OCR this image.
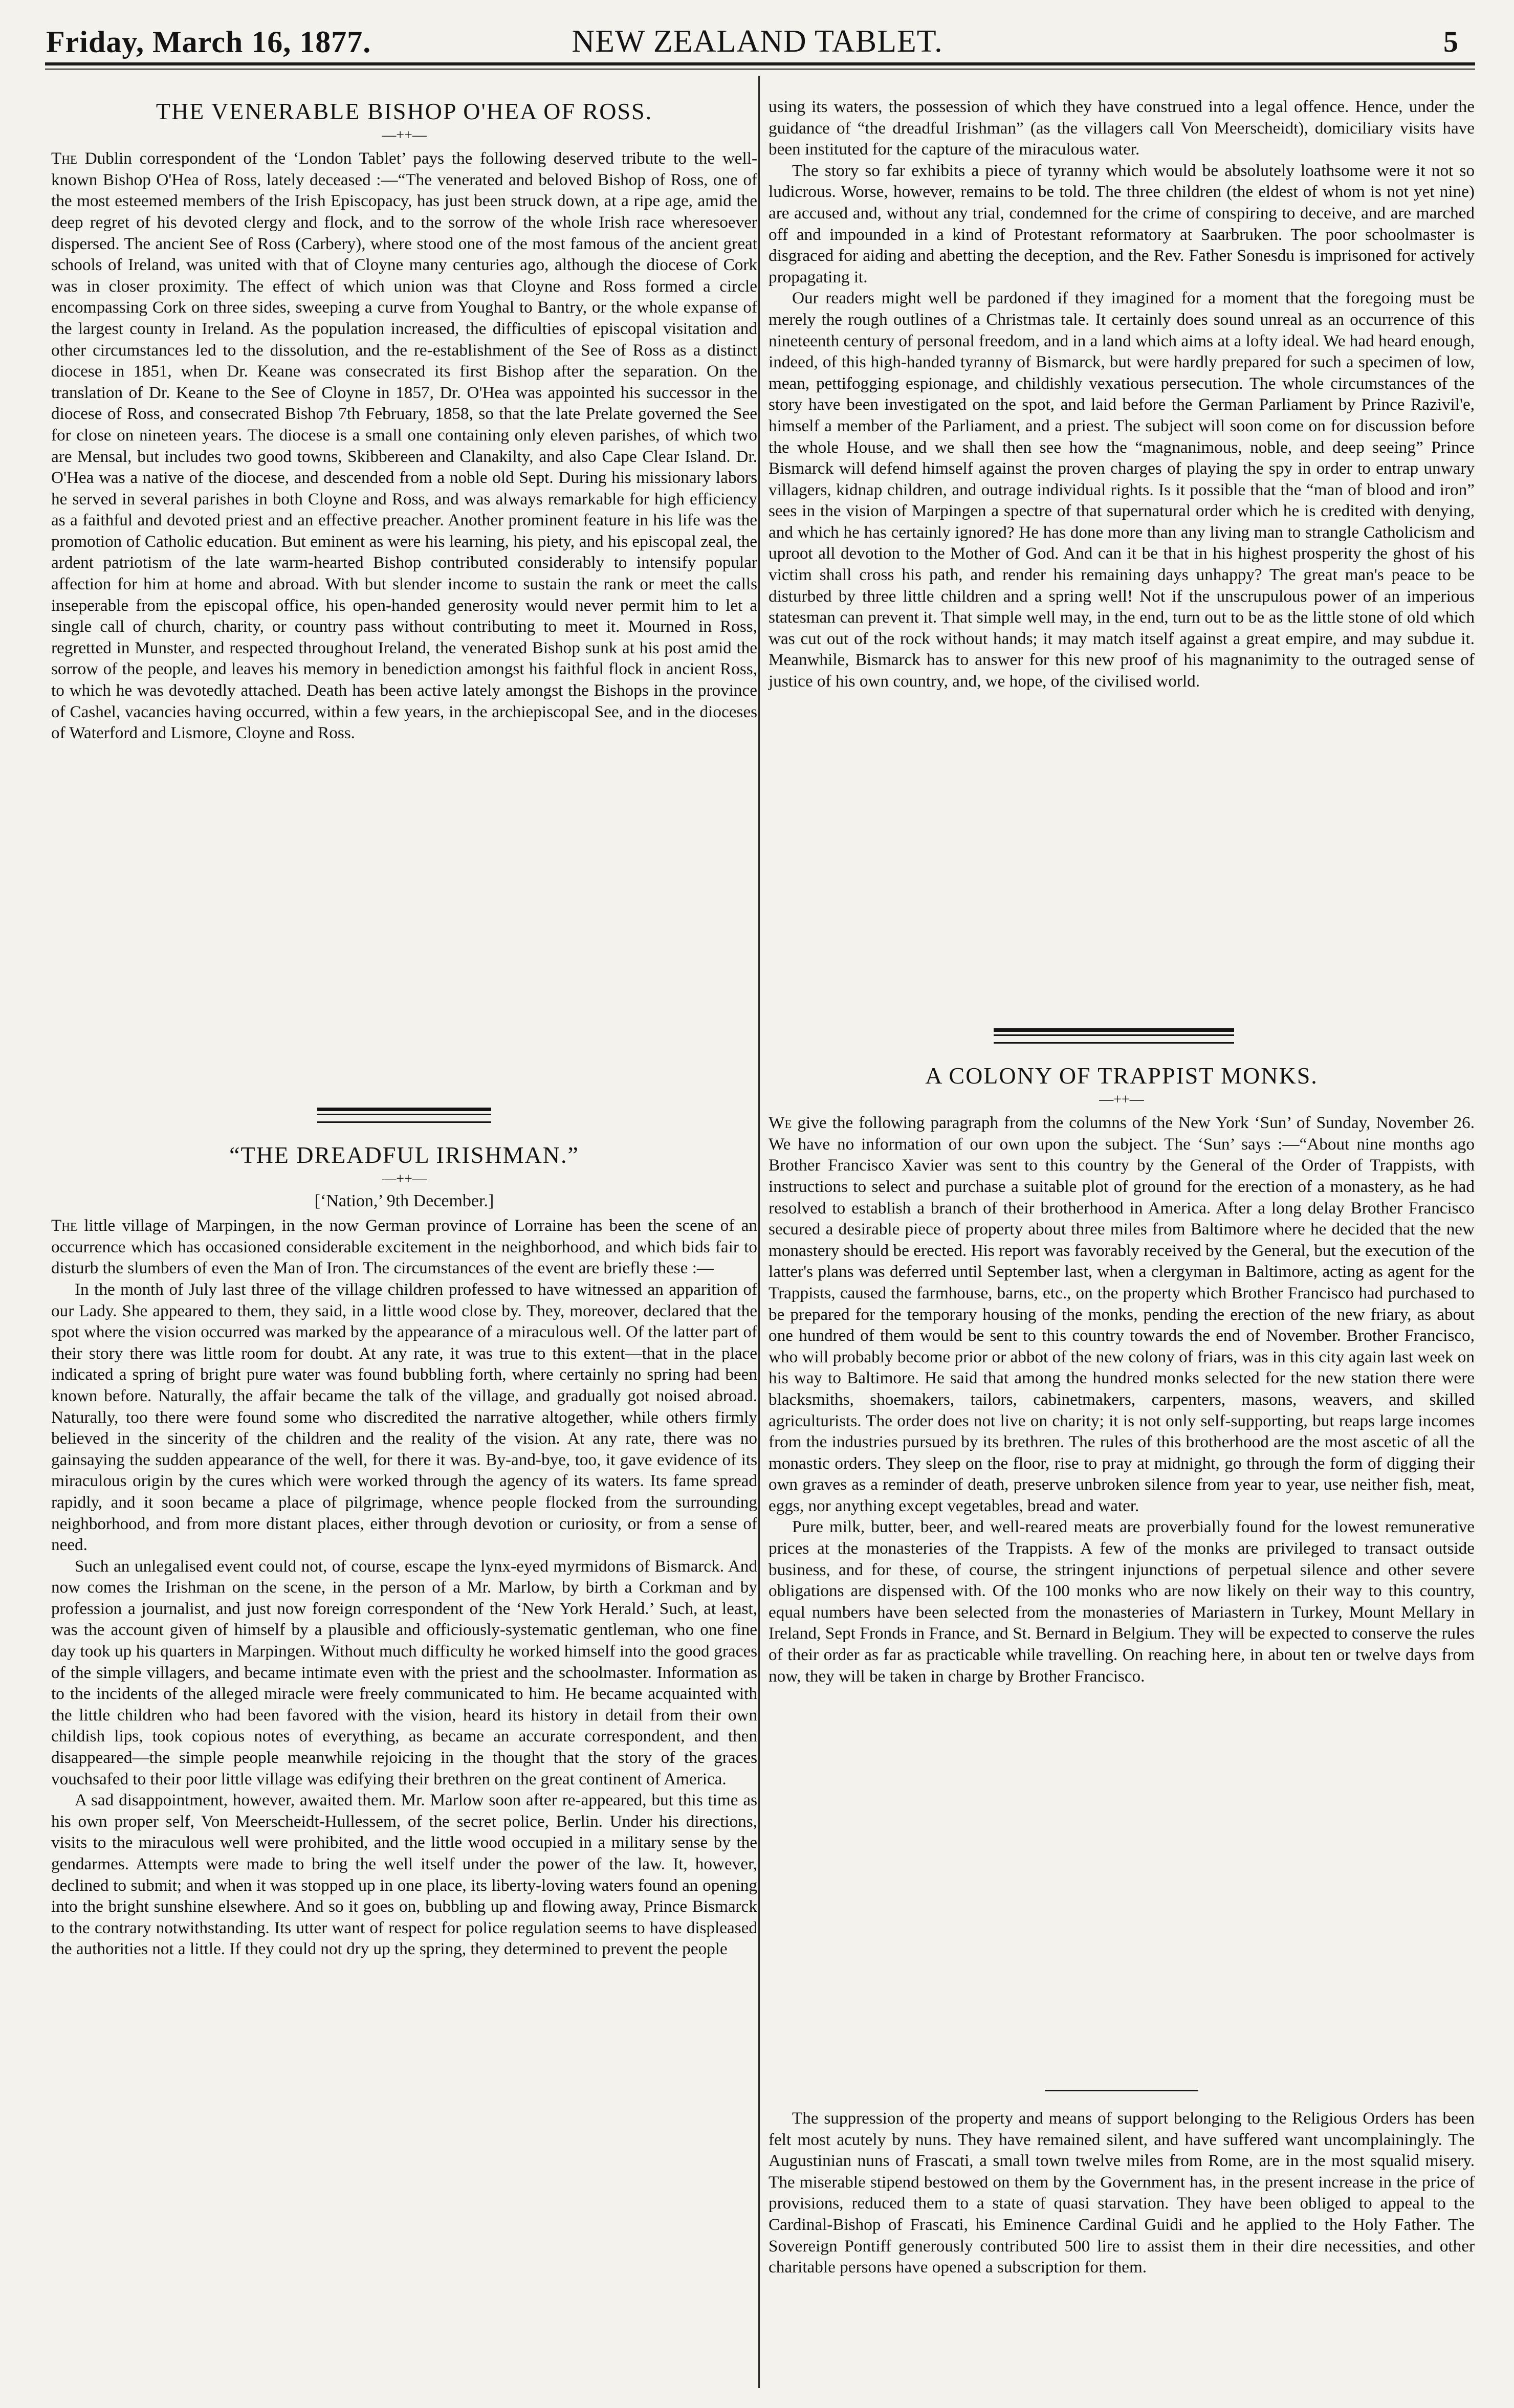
Friday, March 16, 1877.	NEW ZEALAND TABLET.	5
THE VENERABLE BISHOP O'HEA OF ROSS.
—++—

The Dublin correspondent of the ‘London Tablet’ pays the following deserved tribute to the well-known Bishop O'Hea of Ross, lately deceased :—“The venerated and beloved Bishop of Ross, one of the most esteemed members of the Irish Episcopacy, has just been struck down, at a ripe age, amid the deep regret of his devoted clergy and flock, and to the sorrow of the whole Irish race wheresoever dispersed. The ancient See of Ross (Carbery), where stood one of the most famous of the ancient great schools of Ireland, was united with that of Cloyne many centuries ago, although the diocese of Cork was in closer proximity. The effect of which union was that Cloyne and Ross formed a circle encompassing Cork on three sides, sweeping a curve from Youghal to Bantry, or the whole expanse of the largest county in Ireland. As the population increased, the difficulties of episcopal visitation and other circumstances led to the dissolution, and the re-establishment of the See of Ross as a distinct diocese in 1851, when Dr. Keane was consecrated its first Bishop after the separation. On the translation of Dr. Keane to the See of Cloyne in 1857, Dr. O'Hea was appointed his successor in the diocese of Ross, and consecrated Bishop 7th February, 1858, so that the late Prelate governed the See for close on nineteen years. The diocese is a small one containing only eleven parishes, of which two are Mensal, but includes two good towns, Skibbereen and Clanakilty, and also Cape Clear Island. Dr. O'Hea was a native of the diocese, and descended from a noble old Sept. During his missionary labors he served in several parishes in both Cloyne and Ross, and was always remarkable for high efficiency as a faithful and devoted priest and an effective preacher. Another prominent feature in his life was the promotion of Catholic education. But eminent as were his learning, his piety, and his episcopal zeal, the ardent patriotism of the late warm-hearted Bishop contributed considerably to intensify popular affection for him at home and abroad. With but slender income to sustain the rank or meet the calls inseperable from the episcopal office, his open-handed generosity would never permit him to let a single call of church, charity, or country pass without contributing to meet it. Mourned in Ross, regretted in Munster, and respected throughout Ireland, the venerated Bishop sunk at his post amid the sorrow of the people, and leaves his memory in benediction amongst his faithful flock in ancient Ross, to which he was devotedly attached. Death has been active lately amongst the Bishops in the province of Cashel, vacancies having occurred, within a few years, in the archiepiscopal See, and in the dioceses of Waterford and Lismore, Cloyne and Ross.

“THE DREADFUL IRISHMAN.”
—++—
[‘Nation,’ 9th December.]

The little village of Marpingen, in the now German province of Lorraine has been the scene of an occurrence which has occasioned considerable excitement in the neighborhood, and which bids fair to disturb the slumbers of even the Man of Iron. The circumstances of the event are briefly these :—

In the month of July last three of the village children professed to have witnessed an apparition of our Lady. She appeared to them, they said, in a little wood close by. They, moreover, declared that the spot where the vision occurred was marked by the appearance of a miraculous well. Of the latter part of their story there was little room for doubt. At any rate, it was true to this extent—that in the place indicated a spring of bright pure water was found bubbling forth, where certainly no spring had been known before. Naturally, the affair became the talk of the village, and gradually got noised abroad. Naturally, too there were found some who discredited the narrative altogether, while others firmly believed in the sincerity of the children and the reality of the vision. At any rate, there was no gainsaying the sudden appearance of the well, for there it was. By-and-bye, too, it gave evidence of its miraculous origin by the cures which were worked through the agency of its waters. Its fame spread rapidly, and it soon became a place of pilgrimage, whence people flocked from the surrounding neighborhood, and from more distant places, either through devotion or curiosity, or from a sense of need.

Such an unlegalised event could not, of course, escape the lynx-eyed myrmidons of Bismarck. And now comes the Irishman on the scene, in the person of a Mr. Marlow, by birth a Corkman and by profession a journalist, and just now foreign correspondent of the ‘New York Herald.’ Such, at least, was the account given of himself by a plausible and officiously-systematic gentleman, who one fine day took up his quarters in Marpingen. Without much difficulty he worked himself into the good graces of the simple villagers, and became intimate even with the priest and the schoolmaster. Information as to the incidents of the alleged miracle were freely communicated to him. He became acquainted with the little children who had been favored with the vision, heard its history in detail from their own childish lips, took copious notes of everything, as became an accurate correspondent, and then disappeared—the simple people meanwhile rejoicing in the thought that the story of the graces vouchsafed to their poor little village was edifying their brethren on the great continent of America.

A sad disappointment, however, awaited them. Mr. Marlow soon after re-appeared, but this time as his own proper self, Von Meerscheidt-Hullessem, of the secret police, Berlin. Under his directions, visits to the miraculous well were prohibited, and the little wood occupied in a military sense by the gendarmes. Attempts were made to bring the well itself under the power of the law. It, however, declined to submit; and when it was stopped up in one place, its liberty-loving waters found an opening into the bright sunshine elsewhere. And so it goes on, bubbling up and flowing away, Prince Bismarck to the contrary notwithstanding. Its utter want of respect for police regulation seems to have displeased the authorities not a little. If they could not dry up the spring, they determined to prevent the people

using its waters, the possession of which they have construed into a legal offence. Hence, under the guidance of “the dreadful Irishman” (as the villagers call Von Meerscheidt), domiciliary visits have been instituted for the capture of the miraculous water.

The story so far exhibits a piece of tyranny which would be absolutely loathsome were it not so ludicrous. Worse, however, remains to be told. The three children (the eldest of whom is not yet nine) are accused and, without any trial, condemned for the crime of conspiring to deceive, and are marched off and impounded in a kind of Protestant reformatory at Saarbruken. The poor schoolmaster is disgraced for aiding and abetting the deception, and the Rev. Father Sonesdu is imprisoned for actively propagating it.

Our readers might well be pardoned if they imagined for a moment that the foregoing must be merely the rough outlines of a Christmas tale. It certainly does sound unreal as an occurrence of this nineteenth century of personal freedom, and in a land which aims at a lofty ideal. We had heard enough, indeed, of this high-handed tyranny of Bismarck, but were hardly prepared for such a specimen of low, mean, pettifogging espionage, and childishly vexatious persecution. The whole circumstances of the story have been investigated on the spot, and laid before the German Parliament by Prince Razivil'e, himself a member of the Parliament, and a priest. The subject will soon come on for discussion before the whole House, and we shall then see how the “magnanimous, noble, and deep seeing” Prince Bismarck will defend himself against the proven charges of playing the spy in order to entrap unwary villagers, kidnap children, and outrage individual rights. Is it possible that the “man of blood and iron” sees in the vision of Marpingen a spectre of that supernatural order which he is credited with denying, and which he has certainly ignored? He has done more than any living man to strangle Catholicism and uproot all devotion to the Mother of God. And can it be that in his highest prosperity the ghost of his victim shall cross his path, and render his remaining days unhappy? The great man's peace to be disturbed by three little children and a spring well! Not if the unscrupulous power of an imperious statesman can prevent it. That simple well may, in the end, turn out to be as the little stone of old which was cut out of the rock without hands; it may match itself against a great empire, and may subdue it. Meanwhile, Bismarck has to answer for this new proof of his magnanimity to the outraged sense of justice of his own country, and, we hope, of the civilised world.

A COLONY OF TRAPPIST MONKS.
—++—

We give the following paragraph from the columns of the New York ‘Sun’ of Sunday, November 26. We have no information of our own upon the subject. The ‘Sun’ says :—“About nine months ago Brother Francisco Xavier was sent to this country by the General of the Order of Trappists, with instructions to select and purchase a suitable plot of ground for the erection of a monastery, as he had resolved to establish a branch of their brotherhood in America. After a long delay Brother Francisco secured a desirable piece of property about three miles from Baltimore where he decided that the new monastery should be erected. His report was favorably received by the General, but the execution of the latter's plans was deferred until September last, when a clergyman in Baltimore, acting as agent for the Trappists, caused the farmhouse, barns, etc., on the property which Brother Francisco had purchased to be prepared for the temporary housing of the monks, pending the erection of the new friary, as about one hundred of them would be sent to this country towards the end of November. Brother Francisco, who will probably become prior or abbot of the new colony of friars, was in this city again last week on his way to Baltimore. He said that among the hundred monks selected for the new station there were blacksmiths, shoemakers, tailors, cabinetmakers, carpenters, masons, weavers, and skilled agriculturists. The order does not live on charity; it is not only self-supporting, but reaps large incomes from the industries pursued by its brethren. The rules of this brotherhood are the most ascetic of all the monastic orders. They sleep on the floor, rise to pray at midnight, go through the form of digging their own graves as a reminder of death, preserve unbroken silence from year to year, use neither fish, meat, eggs, nor anything except vegetables, bread and water.

Pure milk, butter, beer, and well-reared meats are proverbially found for the lowest remunerative prices at the monasteries of the Trappists. A few of the monks are privileged to transact outside business, and for these, of course, the stringent injunctions of perpetual silence and other severe obligations are dispensed with. Of the 100 monks who are now likely on their way to this country, equal numbers have been selected from the monasteries of Mariastern in Turkey, Mount Mellary in Ireland, Sept Fronds in France, and St. Bernard in Belgium. They will be expected to conserve the rules of their order as far as practicable while travelling. On reaching here, in about ten or twelve days from now, they will be taken in charge by Brother Francisco.

The suppression of the property and means of support belonging to the Religious Orders has been felt most acutely by nuns. They have remained silent, and have suffered want uncomplainingly. The Augustinian nuns of Frascati, a small town twelve miles from Rome, are in the most squalid misery. The miserable stipend bestowed on them by the Government has, in the present increase in the price of provisions, reduced them to a state of quasi starvation. They have been obliged to appeal to the Cardinal-Bishop of Frascati, his Eminence Cardinal Guidi and he applied to the Holy Father. The Sovereign Pontiff generously contributed 500 lire to assist them in their dire necessities, and other charitable persons have opened a subscription for them.
